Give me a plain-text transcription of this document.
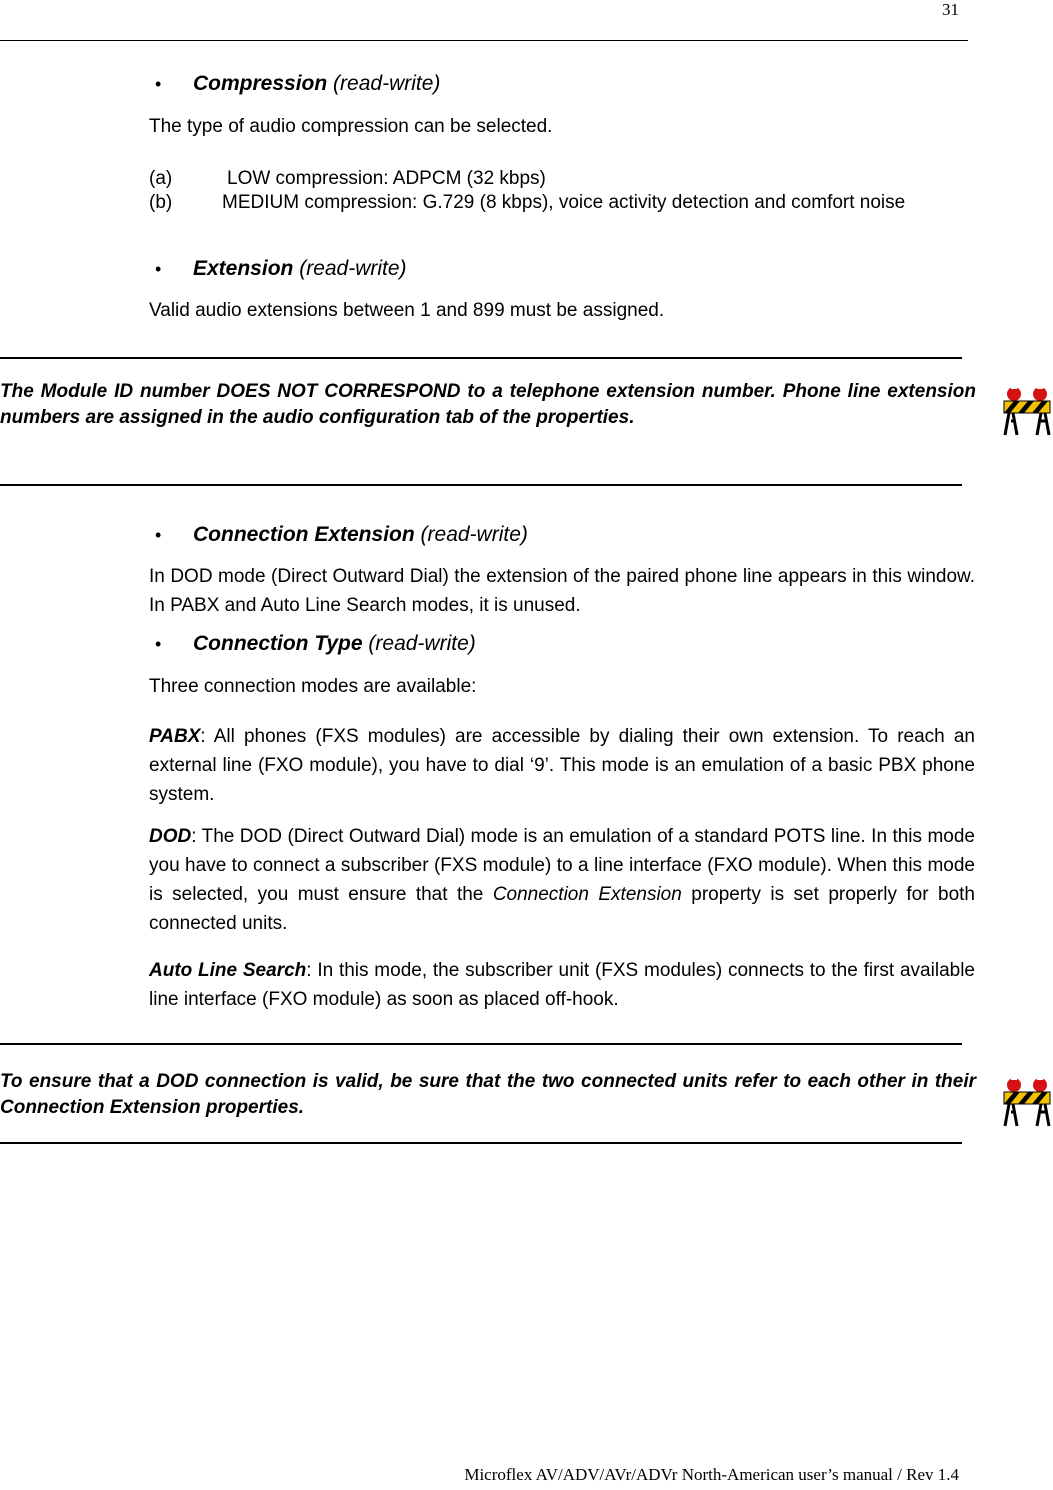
31
• Compression (read-write)
The type of audio compression can be selected.
(a)	LOW compression: ADPCM (32 kbps)
(b)	MEDIUM compression: G.729 (8 kbps), voice activity detection and comfort noise
• Extension (read-write)
Valid audio extensions between 1 and 899 must be assigned.
The Module ID number DOES NOT CORRESPOND to a telephone extension number. Phone line extension numbers are assigned in the audio configuration tab of the properties.
• Connection Extension (read-write)
In DOD mode (Direct Outward Dial) the extension of the paired phone line appears in this window. In PABX and Auto Line Search modes, it is unused.
• Connection Type (read-write)
Three connection modes are available:
PABX: All phones (FXS modules) are accessible by dialing their own extension. To reach an external line (FXO module), you have to dial ‘9’. This mode is an emulation of a basic PBX phone system.
DOD: The DOD (Direct Outward Dial) mode is an emulation of a standard POTS line. In this mode you have to connect a subscriber (FXS module) to a line interface (FXO module). When this mode is selected, you must ensure that the Connection Extension property is set properly for both connected units.
Auto Line Search: In this mode, the subscriber unit (FXS modules) connects to the first available line interface (FXO module) as soon as placed off-hook.
To ensure that a DOD connection is valid, be sure that the two connected units refer to each other in their Connection Extension properties.
Microflex AV/ADV/AVr/ADVr North-American user’s manual / Rev 1.4
